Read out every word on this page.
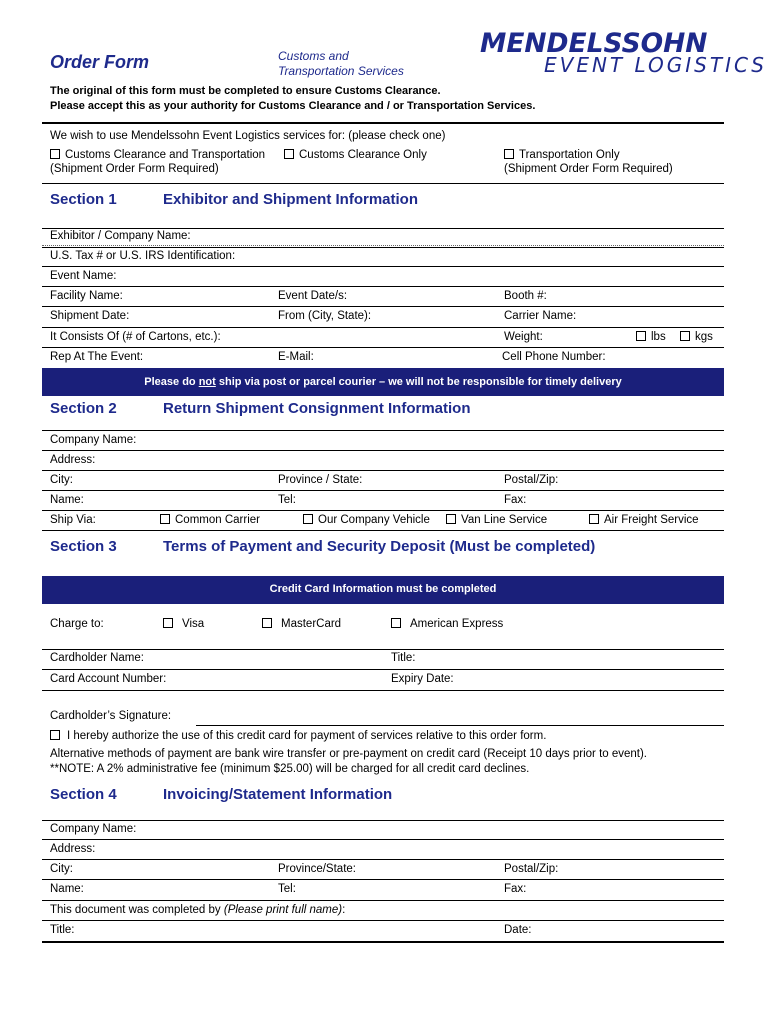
Order Form	Customs and
Transportation Services
MENDELSSOHN
EVENT LOGISTICS
The original of this form must be completed to ensure Customs Clearance.
Please accept this as your authority for Customs Clearance and / or Transportation Services.
We wish to use Mendelssohn Event Logistics services for: (please check one)
Customs Clearance and Transportation
(Shipment Order Form Required)
Customs Clearance Only	Transportation Only
(Shipment Order Form Required)
Section 1	Exhibitor and Shipment Information
Exhibitor / Company Name:
U.S. Tax # or U.S. IRS Identification:
Event Name:
Facility Name:	Event Date/s:	Booth #:
Shipment Date:	From (City, State):	Carrier Name:
It Consists Of (# of Cartons, etc.):	Weight:	lbs	kgs
Rep At The Event:	E-Mail:	Cell Phone Number:
Please do not ship via post or parcel courier – we will not be responsible for timely delivery
Section 2	Return Shipment Consignment Information
Company Name:
Address:
City:	Province / State:	Postal/Zip:
Name:	Tel:	Fax:
Ship Via:	Common Carrier	Our Company Vehicle	Van Line Service	Air Freight Service
Section 3	Terms of Payment and Security Deposit (Must be completed)
Credit Card Information must be completed
Charge to:	Visa	MasterCard	American Express
Cardholder Name:	Title:
Card Account Number:	Expiry Date:
Cardholder’s Signature:
I hereby authorize the use of this credit card for payment of services relative to this order form.
Alternative methods of payment are bank wire transfer or pre-payment on credit card (Receipt 10 days prior to event).
**NOTE: A 2% administrative fee (minimum $25.00) will be charged for all credit card declines.
Section 4	Invoicing/Statement Information
Company Name:
Address:
City:	Province/State:	Postal/Zip:
Name:	Tel:	Fax:
This document was completed by (Please print full name):
Title:	Date:
